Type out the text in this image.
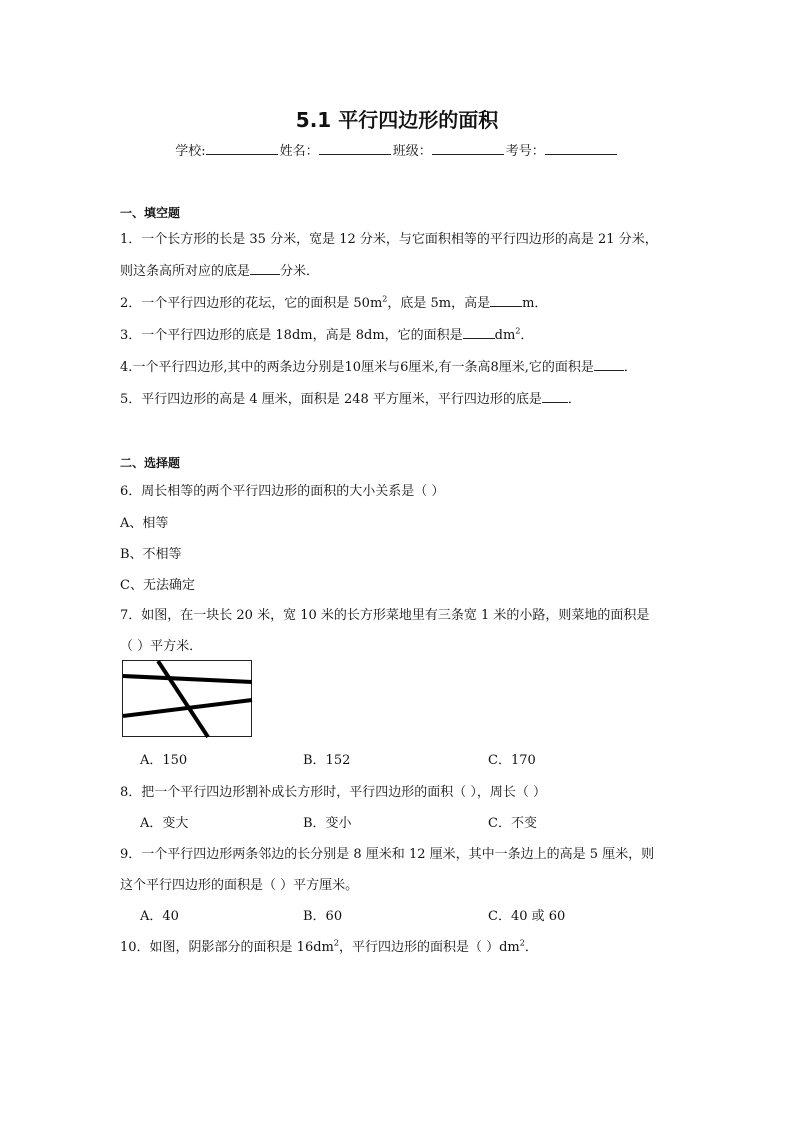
5.1 平行四边形的面积
学校:	姓名：	班级：	考号：
一、填空题
1．一个长方形的长是 35 分米，宽是 12 分米，与它面积相等的平行四边形的高是 21 分米，
则这条高所对应的底是 分米．
2．一个平行四边形的花坛，它的面积是 $50m^2$，底是 5m，高是 m．
3．一个平行四边形的底是 18dm，高是 8dm，它的面积是 $dm^2$．
4.一个平行四边形,其中的两条边分别是10厘米与6厘米,有一条高8厘米,它的面积是 ．
5．平行四边形的高是 4 厘米，面积是 248 平方厘米，平行四边形的底是 ．
二、选择题
6．周长相等的两个平行四边形的面积的大小关系是（ ）
A、相等
B、不相等
C、无法确定
7．如图，在一块长 20 米，宽 10 米的长方形菜地里有三条宽 1 米的小路，则菜地的面积是
（ ）平方米．
A．150	B．152	C．170
8．把一个平行四边形割补成长方形时，平行四边形的面积（ ），周长（ ）
A．变大	B．变小	C．不变
9．一个平行四边形两条邻边的长分别是 8 厘米和 12 厘米，其中一条边上的高是 5 厘米，则
这个平行四边形的面积是（ ）平方厘米。
A．40	B．60	C．40 或 60
10．如图，阴影部分的面积是 $16dm^2$，平行四边形的面积是（ ）$dm^2$．
